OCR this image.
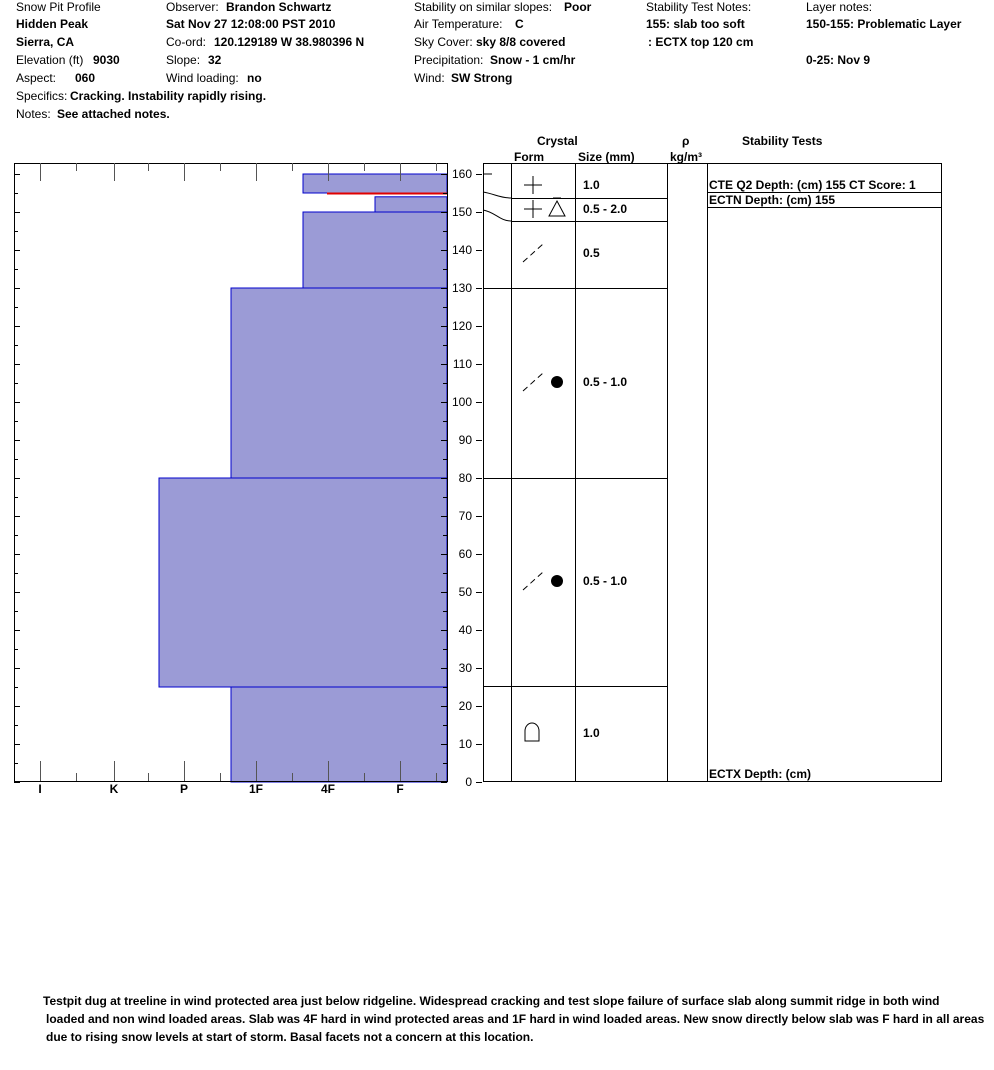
Snow Pit Profile
Hidden Peak
Sierra, CA
Elevation (ft) 9030
Aspect: 060
Specifics: Cracking. Instability rapidly rising.
Notes: See attached notes.
Observer: Brandon Schwartz
Sat Nov 27 12:08:00 PST 2010
Co-ord: 120.129189 W 38.980396 N
Slope: 32
Wind loading: no
Stability on similar slopes: Poor
Air Temperature: C
Sky Cover: sky 8/8 covered
Precipitation: Snow - 1 cm/hr
Wind: SW Strong
Stability Test Notes:
155: slab too soft
: ECTX top 120 cm
Layer notes:
150-155: Problematic Layer
0-25: Nov 9
Crystal
Form	Size (mm)
ρ
kg/m³
Stability Tests
I	K	P	1F	4F	F	0
10
20
30
40
50
60
70
80
90
100
110
120
130
140
150
160
1.0
0.5 - 2.0
0.5
0.5 - 1.0
0.5 - 1.0
1.0
CTE Q2 Depth: (cm) 155 CT Score: 1
ECTN Depth: (cm) 155
ECTX Depth: (cm)
Testpit dug at treeline in wind protected area just below ridgeline. Widespread cracking and test slope failure of surface slab along summit ridge in both wind
loaded and non wind loaded areas. Slab was 4F hard in wind protected areas and 1F hard in wind loaded areas. New snow directly below slab was F hard in all areas
due to rising snow levels at start of storm. Basal facets not a concern at this location.
